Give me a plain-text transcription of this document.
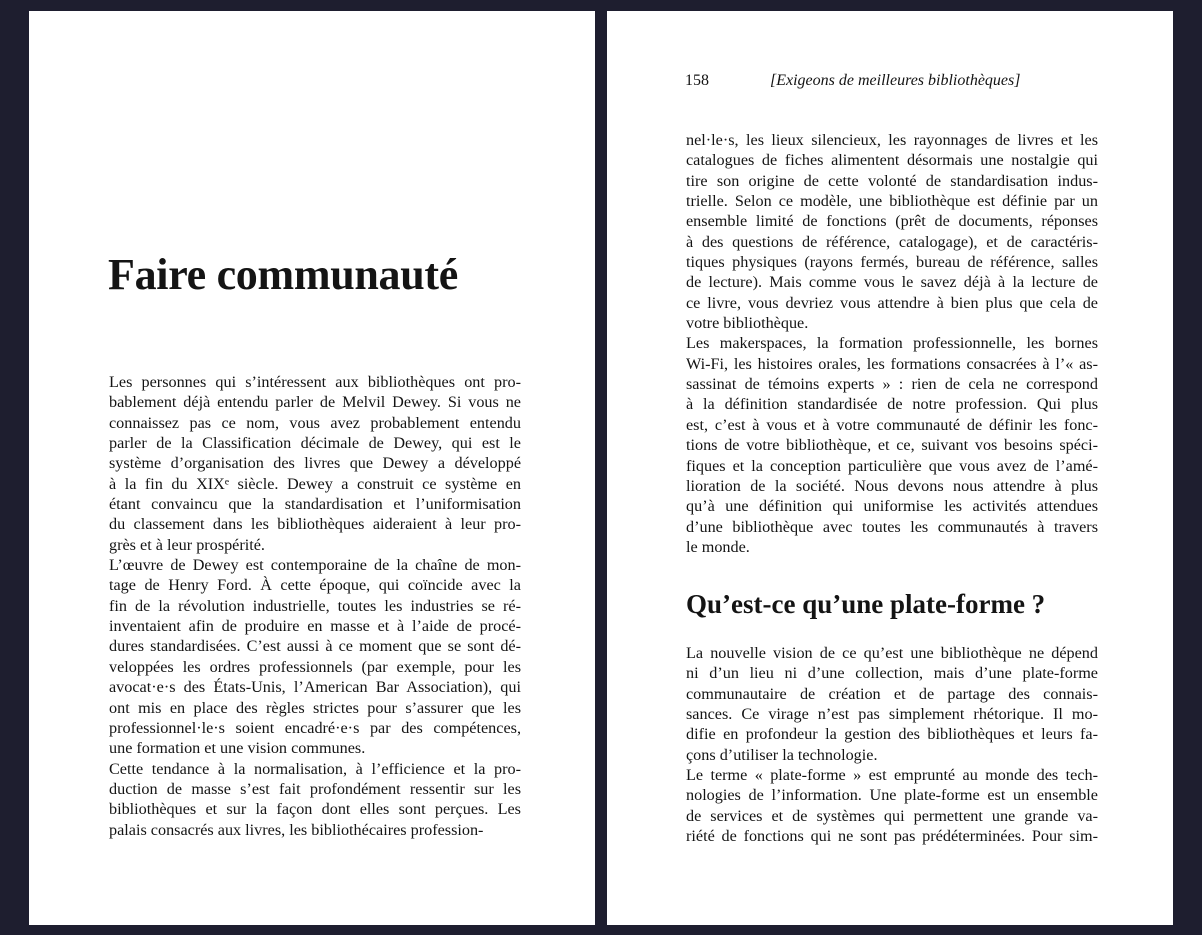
Faire communauté
Les personnes qui s’intéressent aux bibliothèques ont pro-
bablement déjà entendu parler de Melvil Dewey. Si vous ne
connaissez pas ce nom, vous avez probablement entendu
parler de la Classification décimale de Dewey, qui est le
système d’organisation des livres que Dewey a développé
à la fin du XIXᵉ siècle. Dewey a construit ce système en
étant convaincu que la standardisation et l’uniformisation
du classement dans les bibliothèques aideraient à leur pro-
grès et à leur prospérité.
L’œuvre de Dewey est contemporaine de la chaîne de mon-
tage de Henry Ford. À cette époque, qui coïncide avec la
fin de la révolution industrielle, toutes les industries se ré-
inventaient afin de produire en masse et à l’aide de procé-
dures standardisées. C’est aussi à ce moment que se sont dé-
veloppées les ordres professionnels (par exemple, pour les
avocat·e·s des États-Unis, l’American Bar Association), qui
ont mis en place des règles strictes pour s’assurer que les
professionnel·le·s soient encadré·e·s par des compétences,
une formation et une vision communes.
Cette tendance à la normalisation, à l’efficience et la pro-
duction de masse s’est fait profondément ressentir sur les
bibliothèques et sur la façon dont elles sont perçues. Les
palais consacrés aux livres, les bibliothécaires profession-
158	[Exigeons de meilleures bibliothèques]
nel·le·s, les lieux silencieux, les rayonnages de livres et les
catalogues de fiches alimentent désormais une nostalgie qui
tire son origine de cette volonté de standardisation indus-
trielle. Selon ce modèle, une bibliothèque est définie par un
ensemble limité de fonctions (prêt de documents, réponses
à des questions de référence, catalogage), et de caractéris-
tiques physiques (rayons fermés, bureau de référence, salles
de lecture). Mais comme vous le savez déjà à la lecture de
ce livre, vous devriez vous attendre à bien plus que cela de
votre bibliothèque.
Les makerspaces, la formation professionnelle, les bornes
Wi-Fi, les histoires orales, les formations consacrées à l’« as-
sassinat de témoins experts » : rien de cela ne correspond
à la définition standardisée de notre profession. Qui plus
est, c’est à vous et à votre communauté de définir les fonc-
tions de votre bibliothèque, et ce, suivant vos besoins spéci-
fiques et la conception particulière que vous avez de l’amé-
lioration de la société. Nous devons nous attendre à plus
qu’à une définition qui uniformise les activités attendues
d’une bibliothèque avec toutes les communautés à travers
le monde.
Qu’est-ce qu’une plate-forme ?
La nouvelle vision de ce qu’est une bibliothèque ne dépend
ni d’un lieu ni d’une collection, mais d’une plate-forme
communautaire de création et de partage des connais-
sances. Ce virage n’est pas simplement rhétorique. Il mo-
difie en profondeur la gestion des bibliothèques et leurs fa-
çons d’utiliser la technologie.
Le terme « plate-forme » est emprunté au monde des tech-
nologies de l’information. Une plate-forme est un ensemble
de services et de systèmes qui permettent une grande va-
riété de fonctions qui ne sont pas prédéterminées. Pour sim-
